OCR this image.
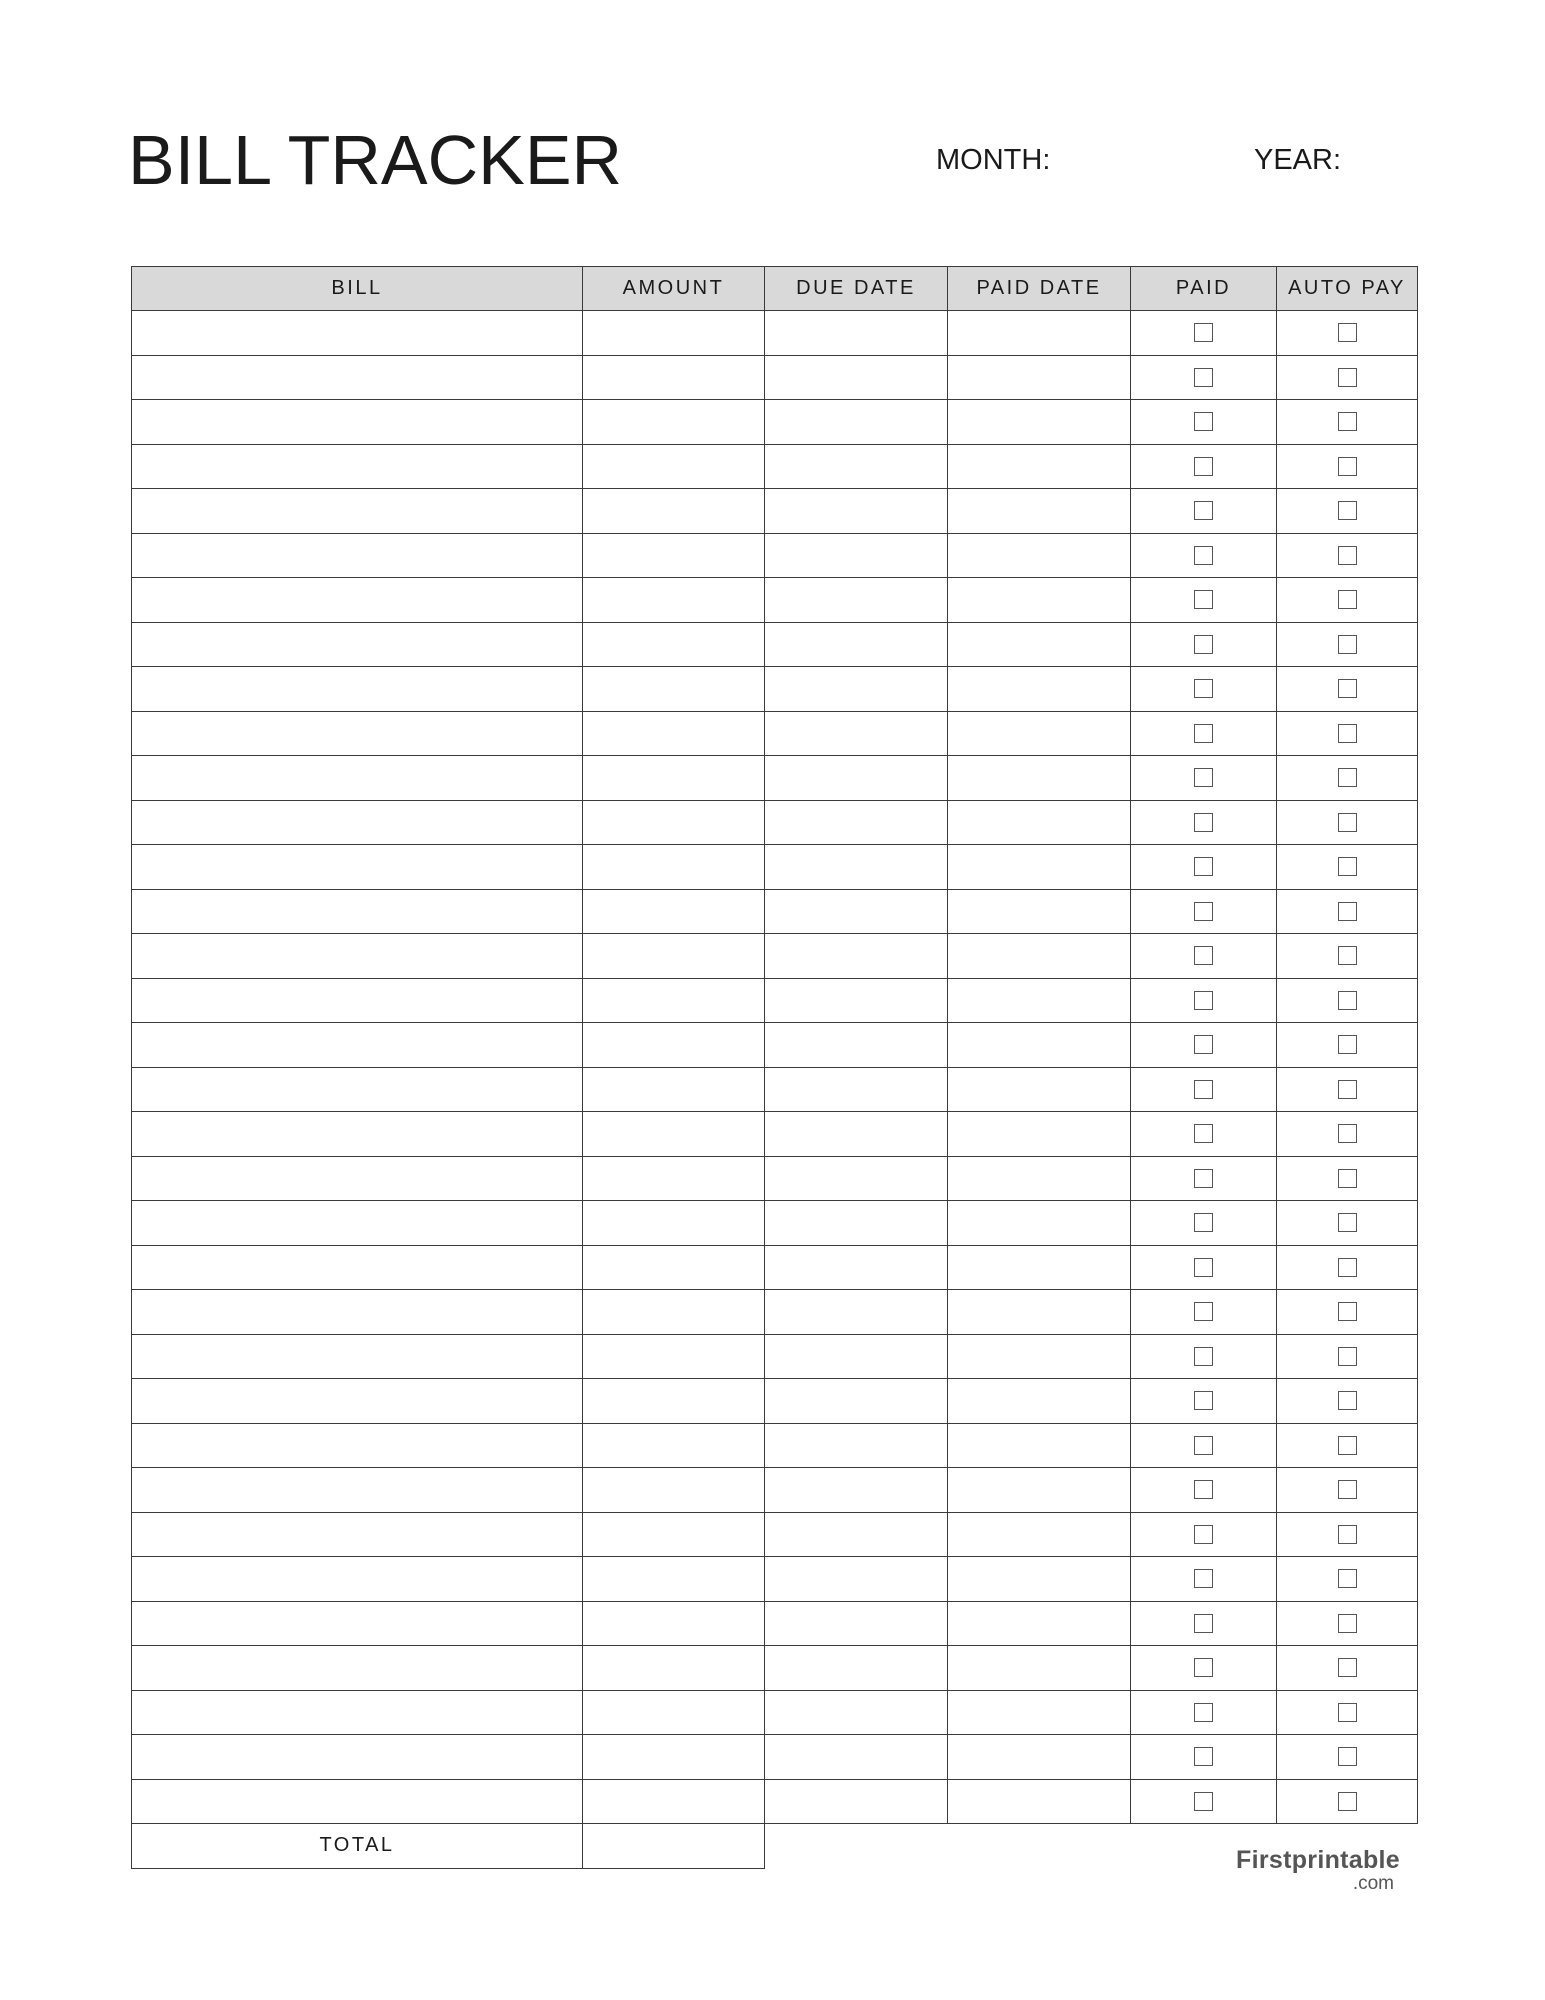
BILL TRACKER	MONTH:	YEAR:
BILL	AMOUNT	DUE DATE	PAID DATE	PAID	AUTO PAY

TOTAL					
Firstprintable
.com
